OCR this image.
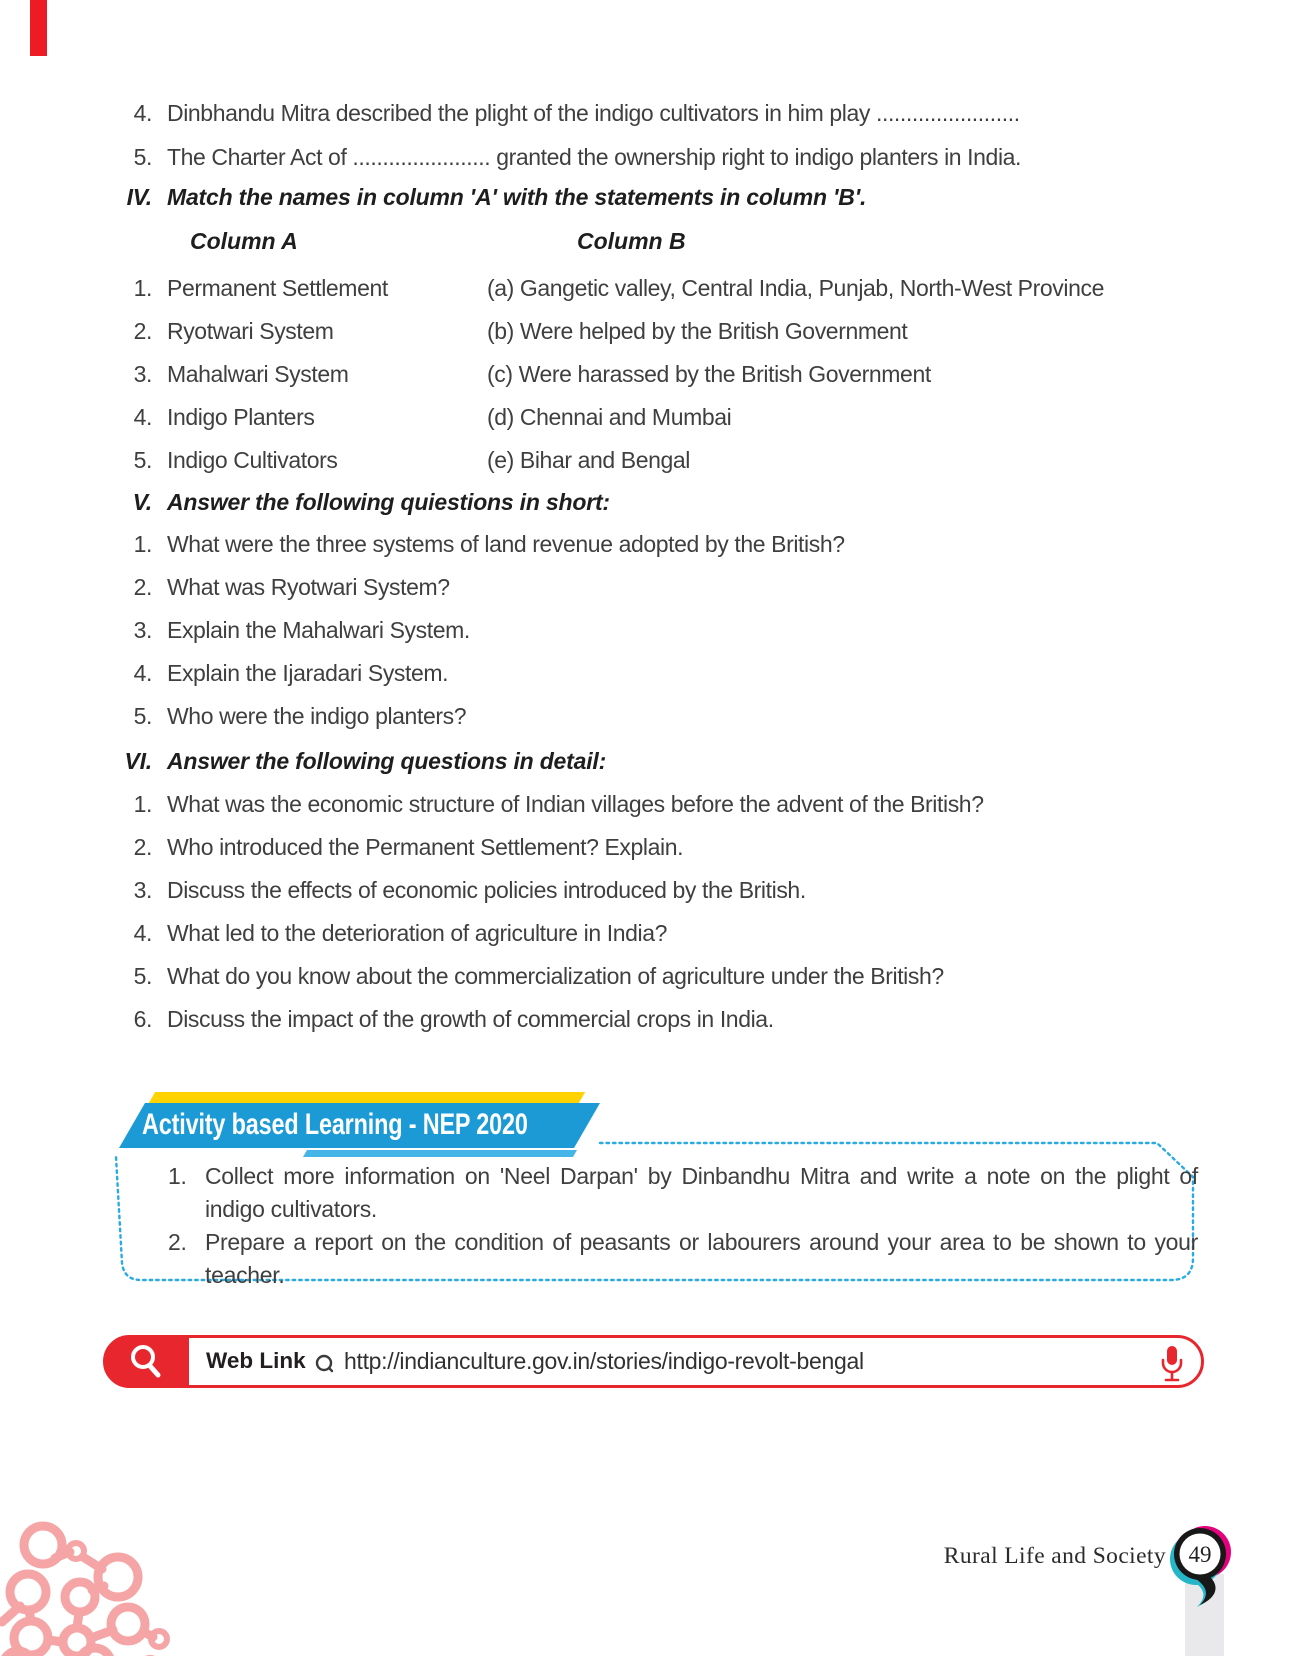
4. Dinbhandu Mitra described the plight of the indigo cultivators in him play ........................
5. The Charter Act of ....................... granted the ownership right to indigo planters in India.
IV. Match the names in column 'A' with the statements in column 'B'.
Column A	Column B
1. Permanent Settlement	(a) Gangetic valley, Central India, Punjab, North-West Province
2. Ryotwari System	(b) Were helped by the British Government
3. Mahalwari System	(c) Were harassed by the British Government
4. Indigo Planters	(d) Chennai and Mumbai
5. Indigo Cultivators	(e) Bihar and Bengal
V. Answer the following quiestions in short:
1. What were the three systems of land revenue adopted by the British?
2. What was Ryotwari System?
3. Explain the Mahalwari System.
4. Explain the Ijaradari System.
5. Who were the indigo planters?
VI. Answer the following questions in detail:
1. What was the economic structure of Indian villages before the advent of the British?
2. Who introduced the Permanent Settlement? Explain.
3. Discuss the effects of economic policies introduced by the British.
4. What led to the deterioration of agriculture in India?
5. What do you know about the commercialization of agriculture under the British?
6. Discuss the impact of the growth of commercial crops in India.
Activity based Learning - NEP 2020
1. Collect more information on 'Neel Darpan' by Dinbandhu Mitra and write a note on the plight of indigo cultivators.
2. Prepare a report on the condition of peasants or labourers around your area to be shown to your teacher.
Web Link http://indianculture.gov.in/stories/indigo-revolt-bengal
Rural Life and Society 49
